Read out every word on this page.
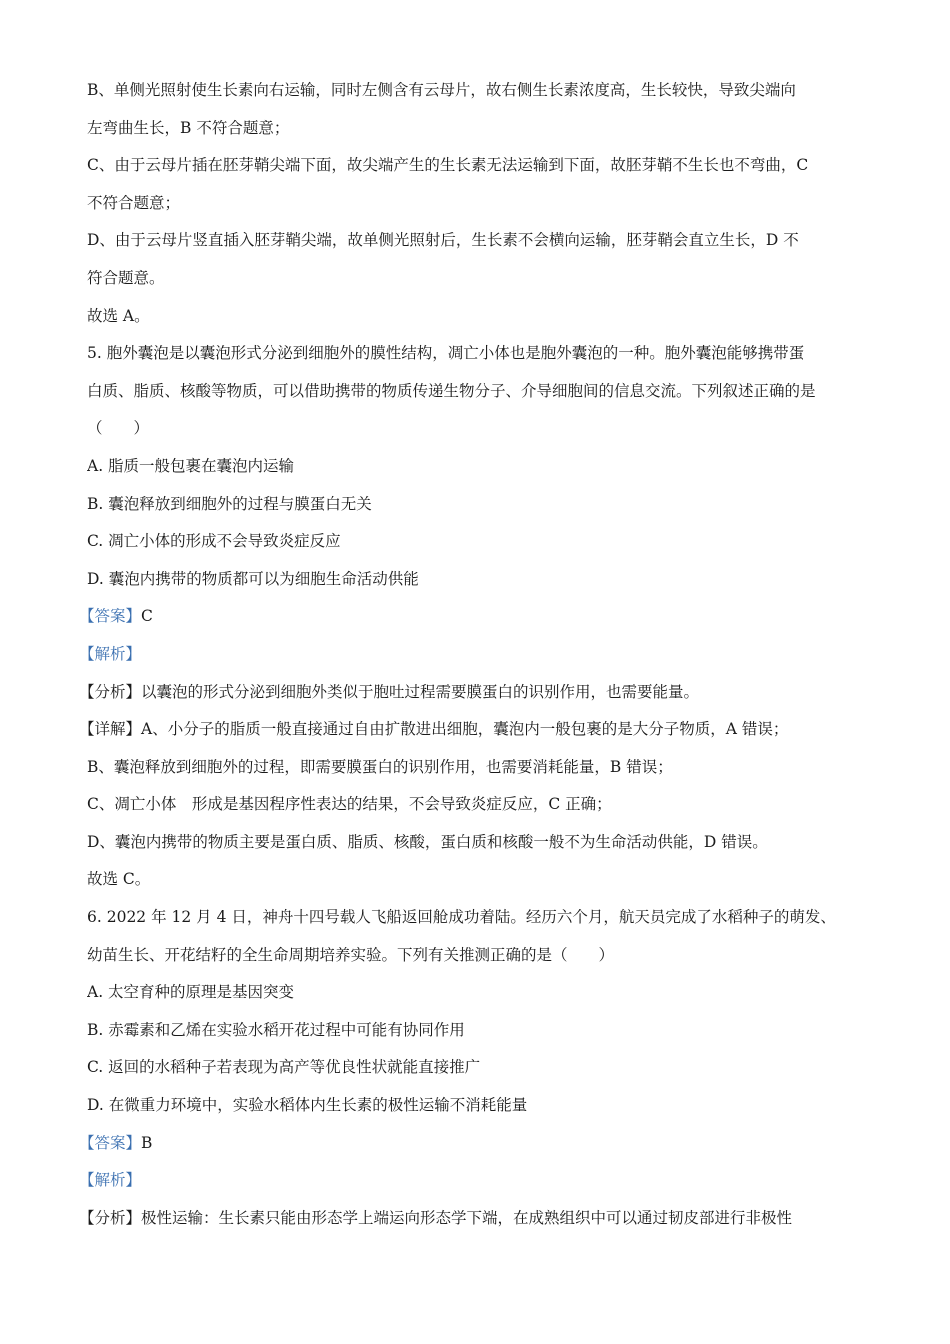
B、单侧光照射使生长素向右运输，同时左侧含有云母片，故右侧生长素浓度高，生长较快，导致尖端向
左弯曲生长，B 不符合题意；
C、由于云母片插在胚芽鞘尖端下面，故尖端产生的生长素无法运输到下面，故胚芽鞘不生长也不弯曲，C
不符合题意；
D、由于云母片竖直插入胚芽鞘尖端，故单侧光照射后，生长素不会横向运输，胚芽鞘会直立生长，D 不
符合题意。
故选 A。
5. 胞外囊泡是以囊泡形式分泌到细胞外的膜性结构，凋亡小体也是胞外囊泡的一种。胞外囊泡能够携带蛋
白质、脂质、核酸等物质，可以借助携带的物质传递生物分子、介导细胞间的信息交流。下列叙述正确的是
（　　）
A. 脂质一般包裹在囊泡内运输
B. 囊泡释放到细胞外的过程与膜蛋白无关
C. 凋亡小体的形成不会导致炎症反应
D. 囊泡内携带的物质都可以为细胞生命活动供能
【答案】C
【解析】
【分析】以囊泡的形式分泌到细胞外类似于胞吐过程需要膜蛋白的识别作用，也需要能量。
【详解】A、小分子的脂质一般直接通过自由扩散进出细胞，囊泡内一般包裹的是大分子物质，A 错误；
B、囊泡释放到细胞外的过程，即需要膜蛋白的识别作用，也需要消耗能量，B 错误；
C、凋亡小体　形成是基因程序性表达的结果，不会导致炎症反应，C 正确；
D、囊泡内携带的物质主要是蛋白质、脂质、核酸，蛋白质和核酸一般不为生命活动供能，D 错误。
故选 C。
6. 2022 年 12 月 4 日，神舟十四号载人飞船返回舱成功着陆。经历六个月，航天员完成了水稻种子的萌发、
幼苗生长、开花结籽的全生命周期培养实验。下列有关推测正确的是（　　）
A. 太空育种的原理是基因突变
B. 赤霉素和乙烯在实验水稻开花过程中可能有协同作用
C. 返回的水稻种子若表现为高产等优良性状就能直接推广
D. 在微重力环境中，实验水稻体内生长素的极性运输不消耗能量
【答案】B
【解析】
【分析】极性运输：生长素只能由形态学上端运向形态学下端，在成熟组织中可以通过韧皮部进行非极性
